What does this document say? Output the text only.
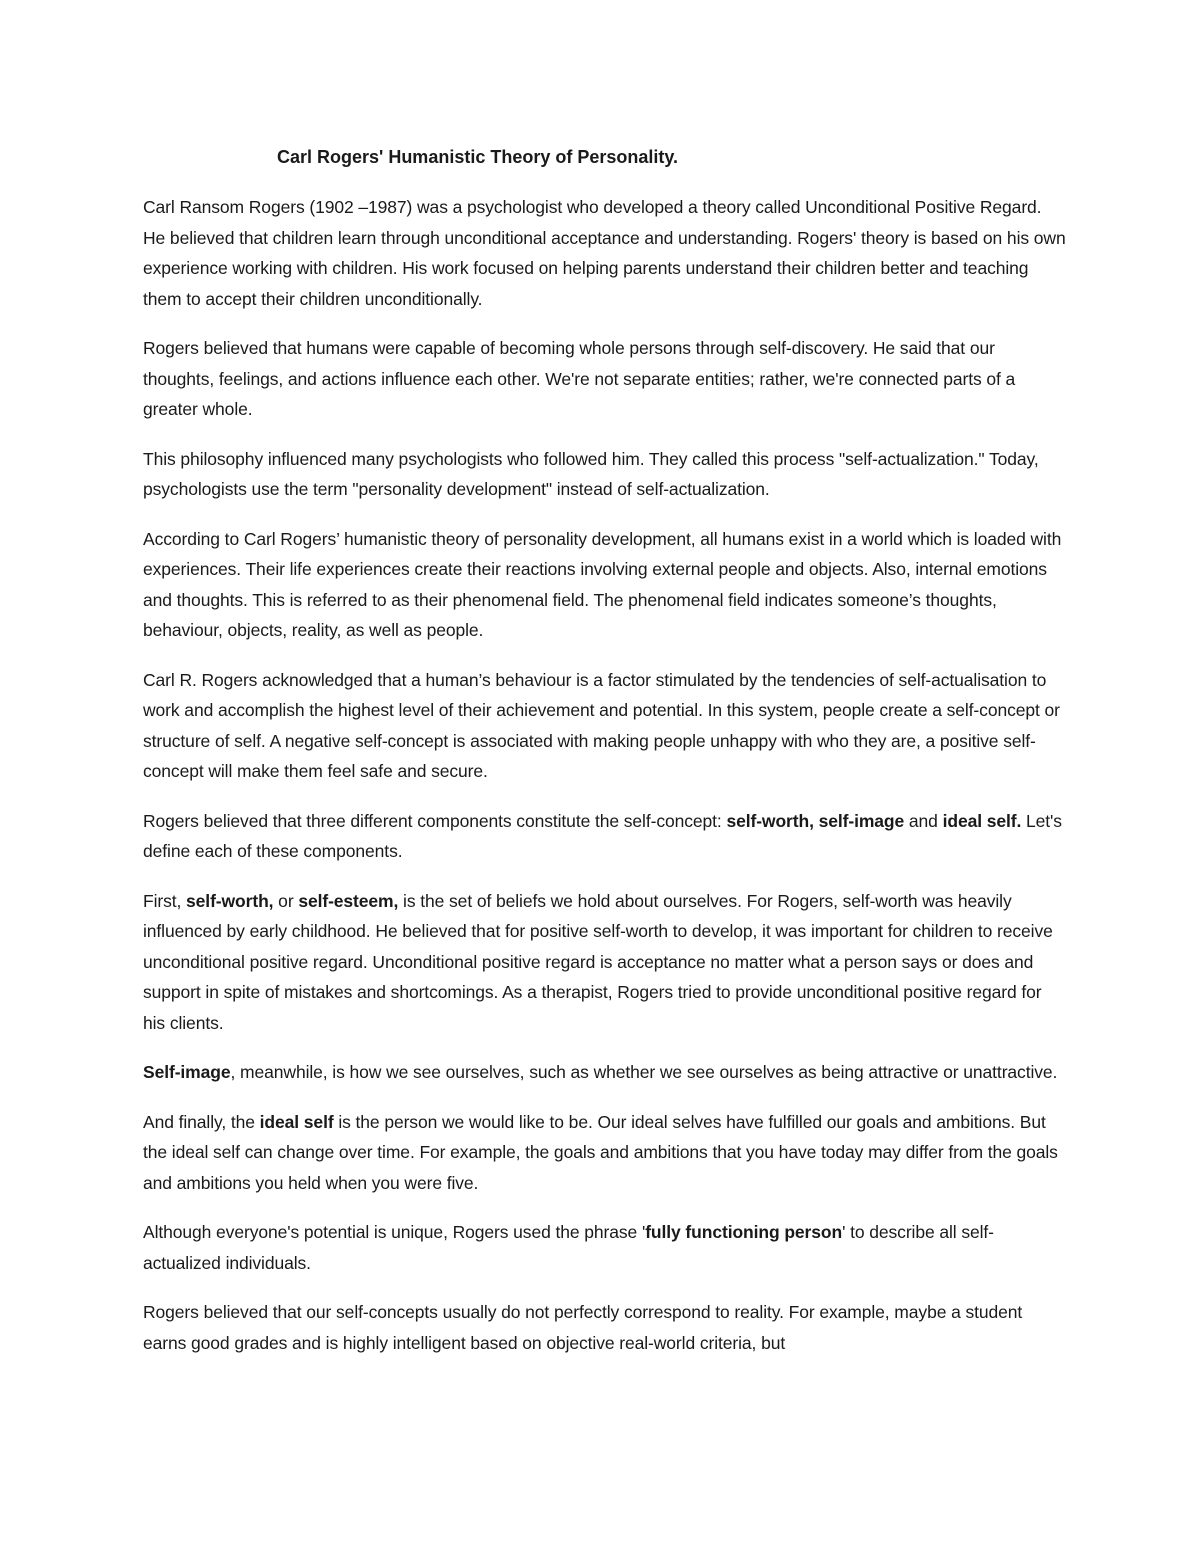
Carl Rogers' Humanistic Theory of Personality.

Carl Ransom Rogers (1902 –1987) was a psychologist who developed a theory called Unconditional Positive Regard. He believed that children learn through unconditional acceptance and understanding. Rogers' theory is based on his own experience working with children. His work focused on helping parents understand their children better and teaching them to accept their children unconditionally.

Rogers believed that humans were capable of becoming whole persons through self-discovery. He said that our thoughts, feelings, and actions influence each other. We're not separate entities; rather, we're connected parts of a greater whole.

This philosophy influenced many psychologists who followed him. They called this process "self-actualization." Today, psychologists use the term "personality development" instead of self-actualization.

According to Carl Rogers’ humanistic theory of personality development, all humans exist in a world which is loaded with experiences. Their life experiences create their reactions involving external people and objects. Also, internal emotions and thoughts. This is referred to as their phenomenal field. The phenomenal field indicates someone’s thoughts, behaviour, objects, reality, as well as people.

Carl R. Rogers acknowledged that a human’s behaviour is a factor stimulated by the tendencies of self-actualisation to work and accomplish the highest level of their achievement and potential. In this system, people create a self-concept or structure of self. A negative self-concept is associated with making people unhappy with who they are, a positive self-concept will make them feel safe and secure.

Rogers believed that three different components constitute the self-concept: self-worth, self-image and ideal self. Let's define each of these components.

First, self-worth, or self-esteem, is the set of beliefs we hold about ourselves. For Rogers, self-worth was heavily influenced by early childhood. He believed that for positive self-worth to develop, it was important for children to receive unconditional positive regard. Unconditional positive regard is acceptance no matter what a person says or does and support in spite of mistakes and shortcomings. As a therapist, Rogers tried to provide unconditional positive regard for his clients.

Self-image, meanwhile, is how we see ourselves, such as whether we see ourselves as being attractive or unattractive.

And finally, the ideal self is the person we would like to be. Our ideal selves have fulfilled our goals and ambitions. But the ideal self can change over time. For example, the goals and ambitions that you have today may differ from the goals and ambitions you held when you were five.

Although everyone's potential is unique, Rogers used the phrase 'fully functioning person' to describe all self-actualized individuals.

Rogers believed that our self-concepts usually do not perfectly correspond to reality. For example, maybe a student earns good grades and is highly intelligent based on objective real-world criteria, but
